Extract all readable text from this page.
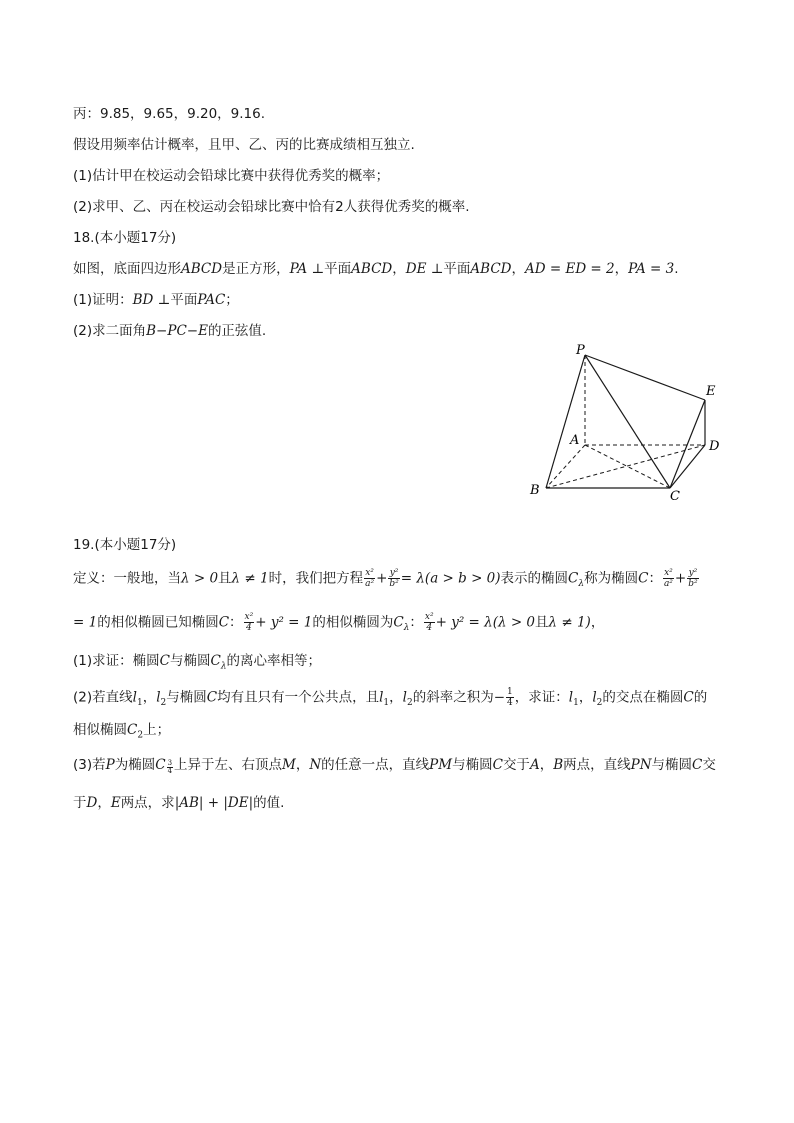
丙：9.85，9.65，9.20，9.16.
假设用频率估计概率，且甲、乙、丙的比赛成绩相互独立.
(1)估计甲在校运动会铅球比赛中获得优秀奖的概率；
(2)求甲、乙、丙在校运动会铅球比赛中恰有2人获得优秀奖的概率.
18.(本小题17分)
如图，底面四边形ABCD是正方形，PA ⊥平面ABCD，DE ⊥平面ABCD，AD = ED = 2，PA = 3.
(1)证明：BD ⊥平面PAC；
(2)求二面角B−PC−E的正弦值.
P
E
A	D
B	C
19.(本小题17分)
定义：一般地，当λ > 0且λ ≠ 1时，我们把方程 $\frac{\text{x²}}{\text{a²}} + \frac{\text{y²}}{\text{b²}} = \lambda(a > b > 0)$表示的椭圆$C_\lambda$称为椭圆C： $\frac{\text{x²}}{\text{a²}} + \frac{\text{y²}}{\text{b²}}$
= 1的相似椭圆已知椭圆C： $\frac{\text{x²}}{4} + y^2 = 1$的相似椭圆为$C_\lambda$： $\frac{\text{x²}}{4} + y^2 = \lambda(\lambda > 0$且λ ≠ 1)，
(1)求证：椭圆C与椭圆$C_\lambda$的离心率相等；
(2)若直线$l_1$，$l_2$与椭圆C均有且只有一个公共点，且$l_1$，$l_2$的斜率之积为− $\frac{1}{4}$ ，求证：$l_1$，$l_2$的交点在椭圆C的
相似椭圆$C_2$上；
(3)若P为椭圆C $\frac{3}{4}$ 上异于左、右顶点M，N的任意一点，直线PM与椭圆C交于A，B两点，直线PN与椭圆C交
于D，E两点，求|AB| + |DE|的值.
